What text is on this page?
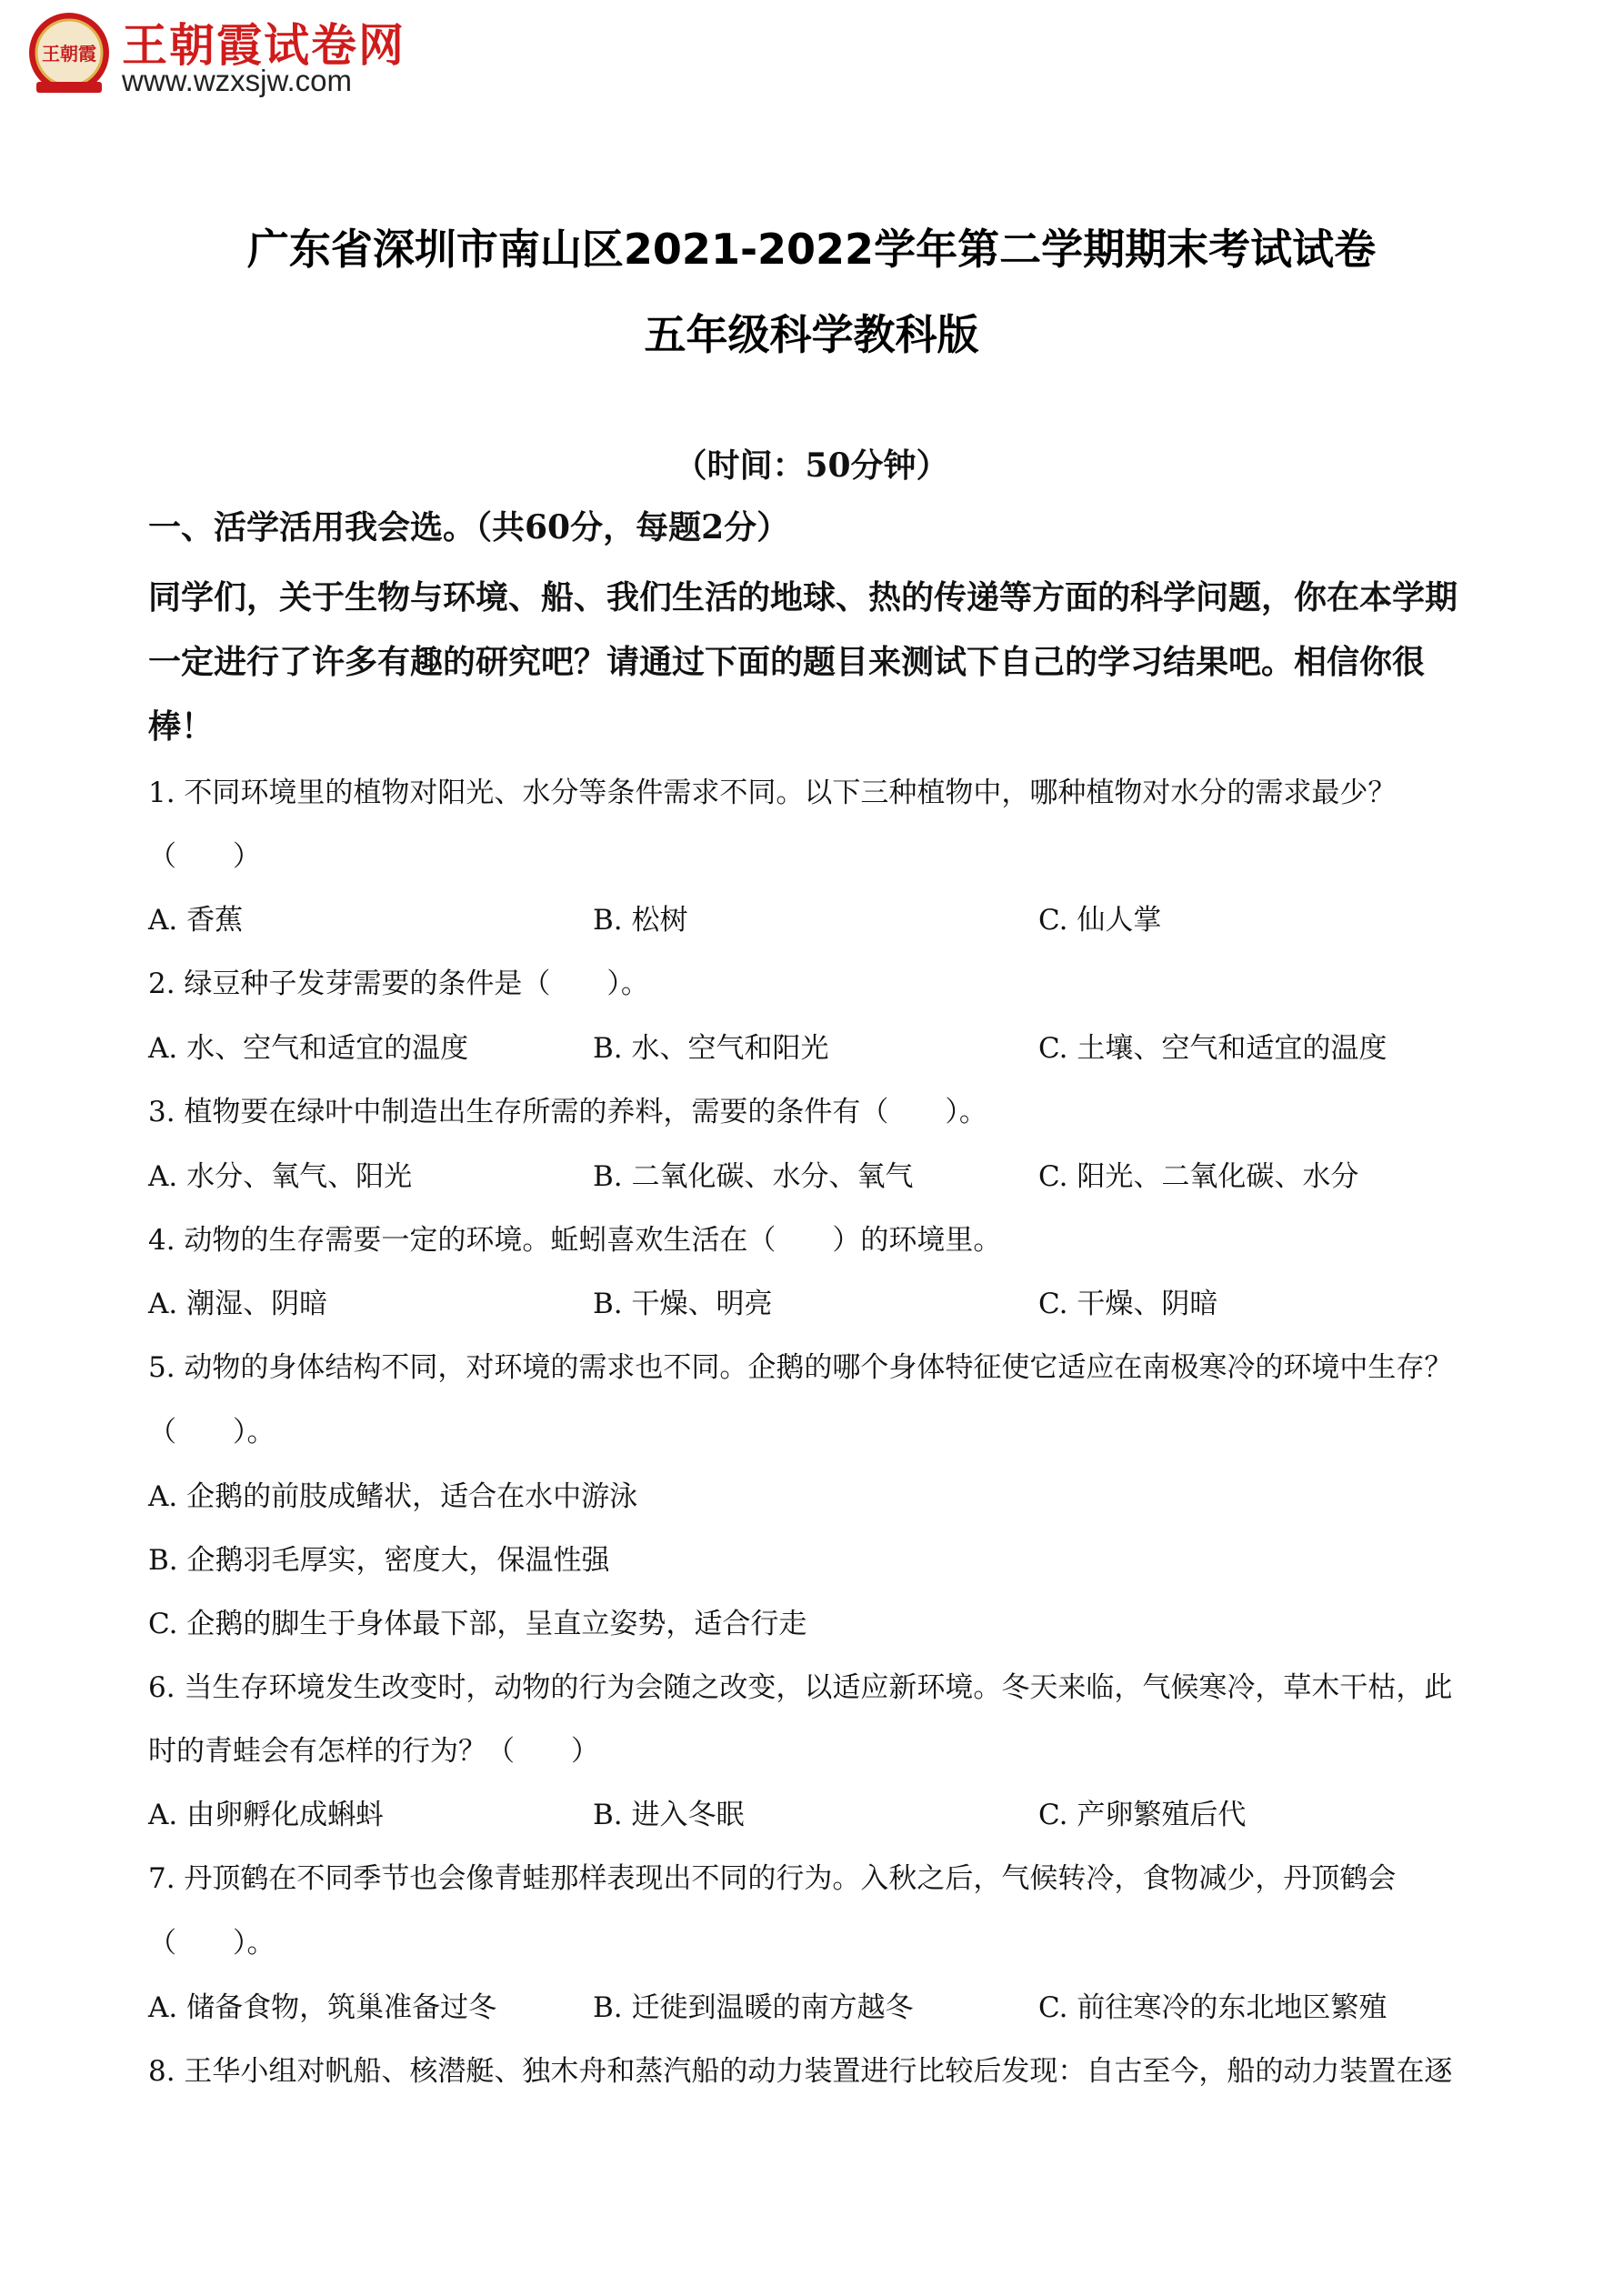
王朝霞 王朝霞试卷网
www.wzxsjw.com
广东省深圳市南山区2021-2022学年第二学期期末考试试卷
五年级科学教科版
（时间：50分钟）
一、活学活用我会选。（共60分，每题2分）
同学们，关于生物与环境、船、我们生活的地球、热的传递等方面的科学问题，你在本学期一定进行了许多有趣的研究吧？请通过下面的题目来测试下自己的学习结果吧。相信你很棒！
1. 不同环境里的植物对阳光、水分等条件需求不同。以下三种植物中，哪种植物对水分的需求最少？
（　　）
A. 香蕉	B. 松树	C. 仙人掌
2. 绿豆种子发芽需要的条件是（　　）。
A. 水、空气和适宜的温度	B. 水、空气和阳光	C. 土壤、空气和适宜的温度
3. 植物要在绿叶中制造出生存所需的养料，需要的条件有（　　）。
A. 水分、氧气、阳光	B. 二氧化碳、水分、氧气	C. 阳光、二氧化碳、水分
4. 动物的生存需要一定的环境。蚯蚓喜欢生活在（　　）的环境里。
A. 潮湿、阴暗	B. 干燥、明亮	C. 干燥、阴暗
5. 动物的身体结构不同，对环境的需求也不同。企鹅的哪个身体特征使它适应在南极寒冷的环境中生存？
（　　）。
A. 企鹅的前肢成鳍状，适合在水中游泳
B. 企鹅羽毛厚实，密度大，保温性强
C. 企鹅的脚生于身体最下部，呈直立姿势，适合行走
6. 当生存环境发生改变时，动物的行为会随之改变，以适应新环境。冬天来临，气候寒冷，草木干枯，此
时的青蛙会有怎样的行为？（　　）
A. 由卵孵化成蝌蚪	B. 进入冬眠	C. 产卵繁殖后代
7. 丹顶鹤在不同季节也会像青蛙那样表现出不同的行为。入秋之后，气候转冷，食物减少，丹顶鹤会
（　　）。
A. 储备食物，筑巢准备过冬	B. 迁徙到温暖的南方越冬	C. 前往寒冷的东北地区繁殖
8. 王华小组对帆船、核潜艇、独木舟和蒸汽船的动力装置进行比较后发现：自古至今，船的动力装置在逐
